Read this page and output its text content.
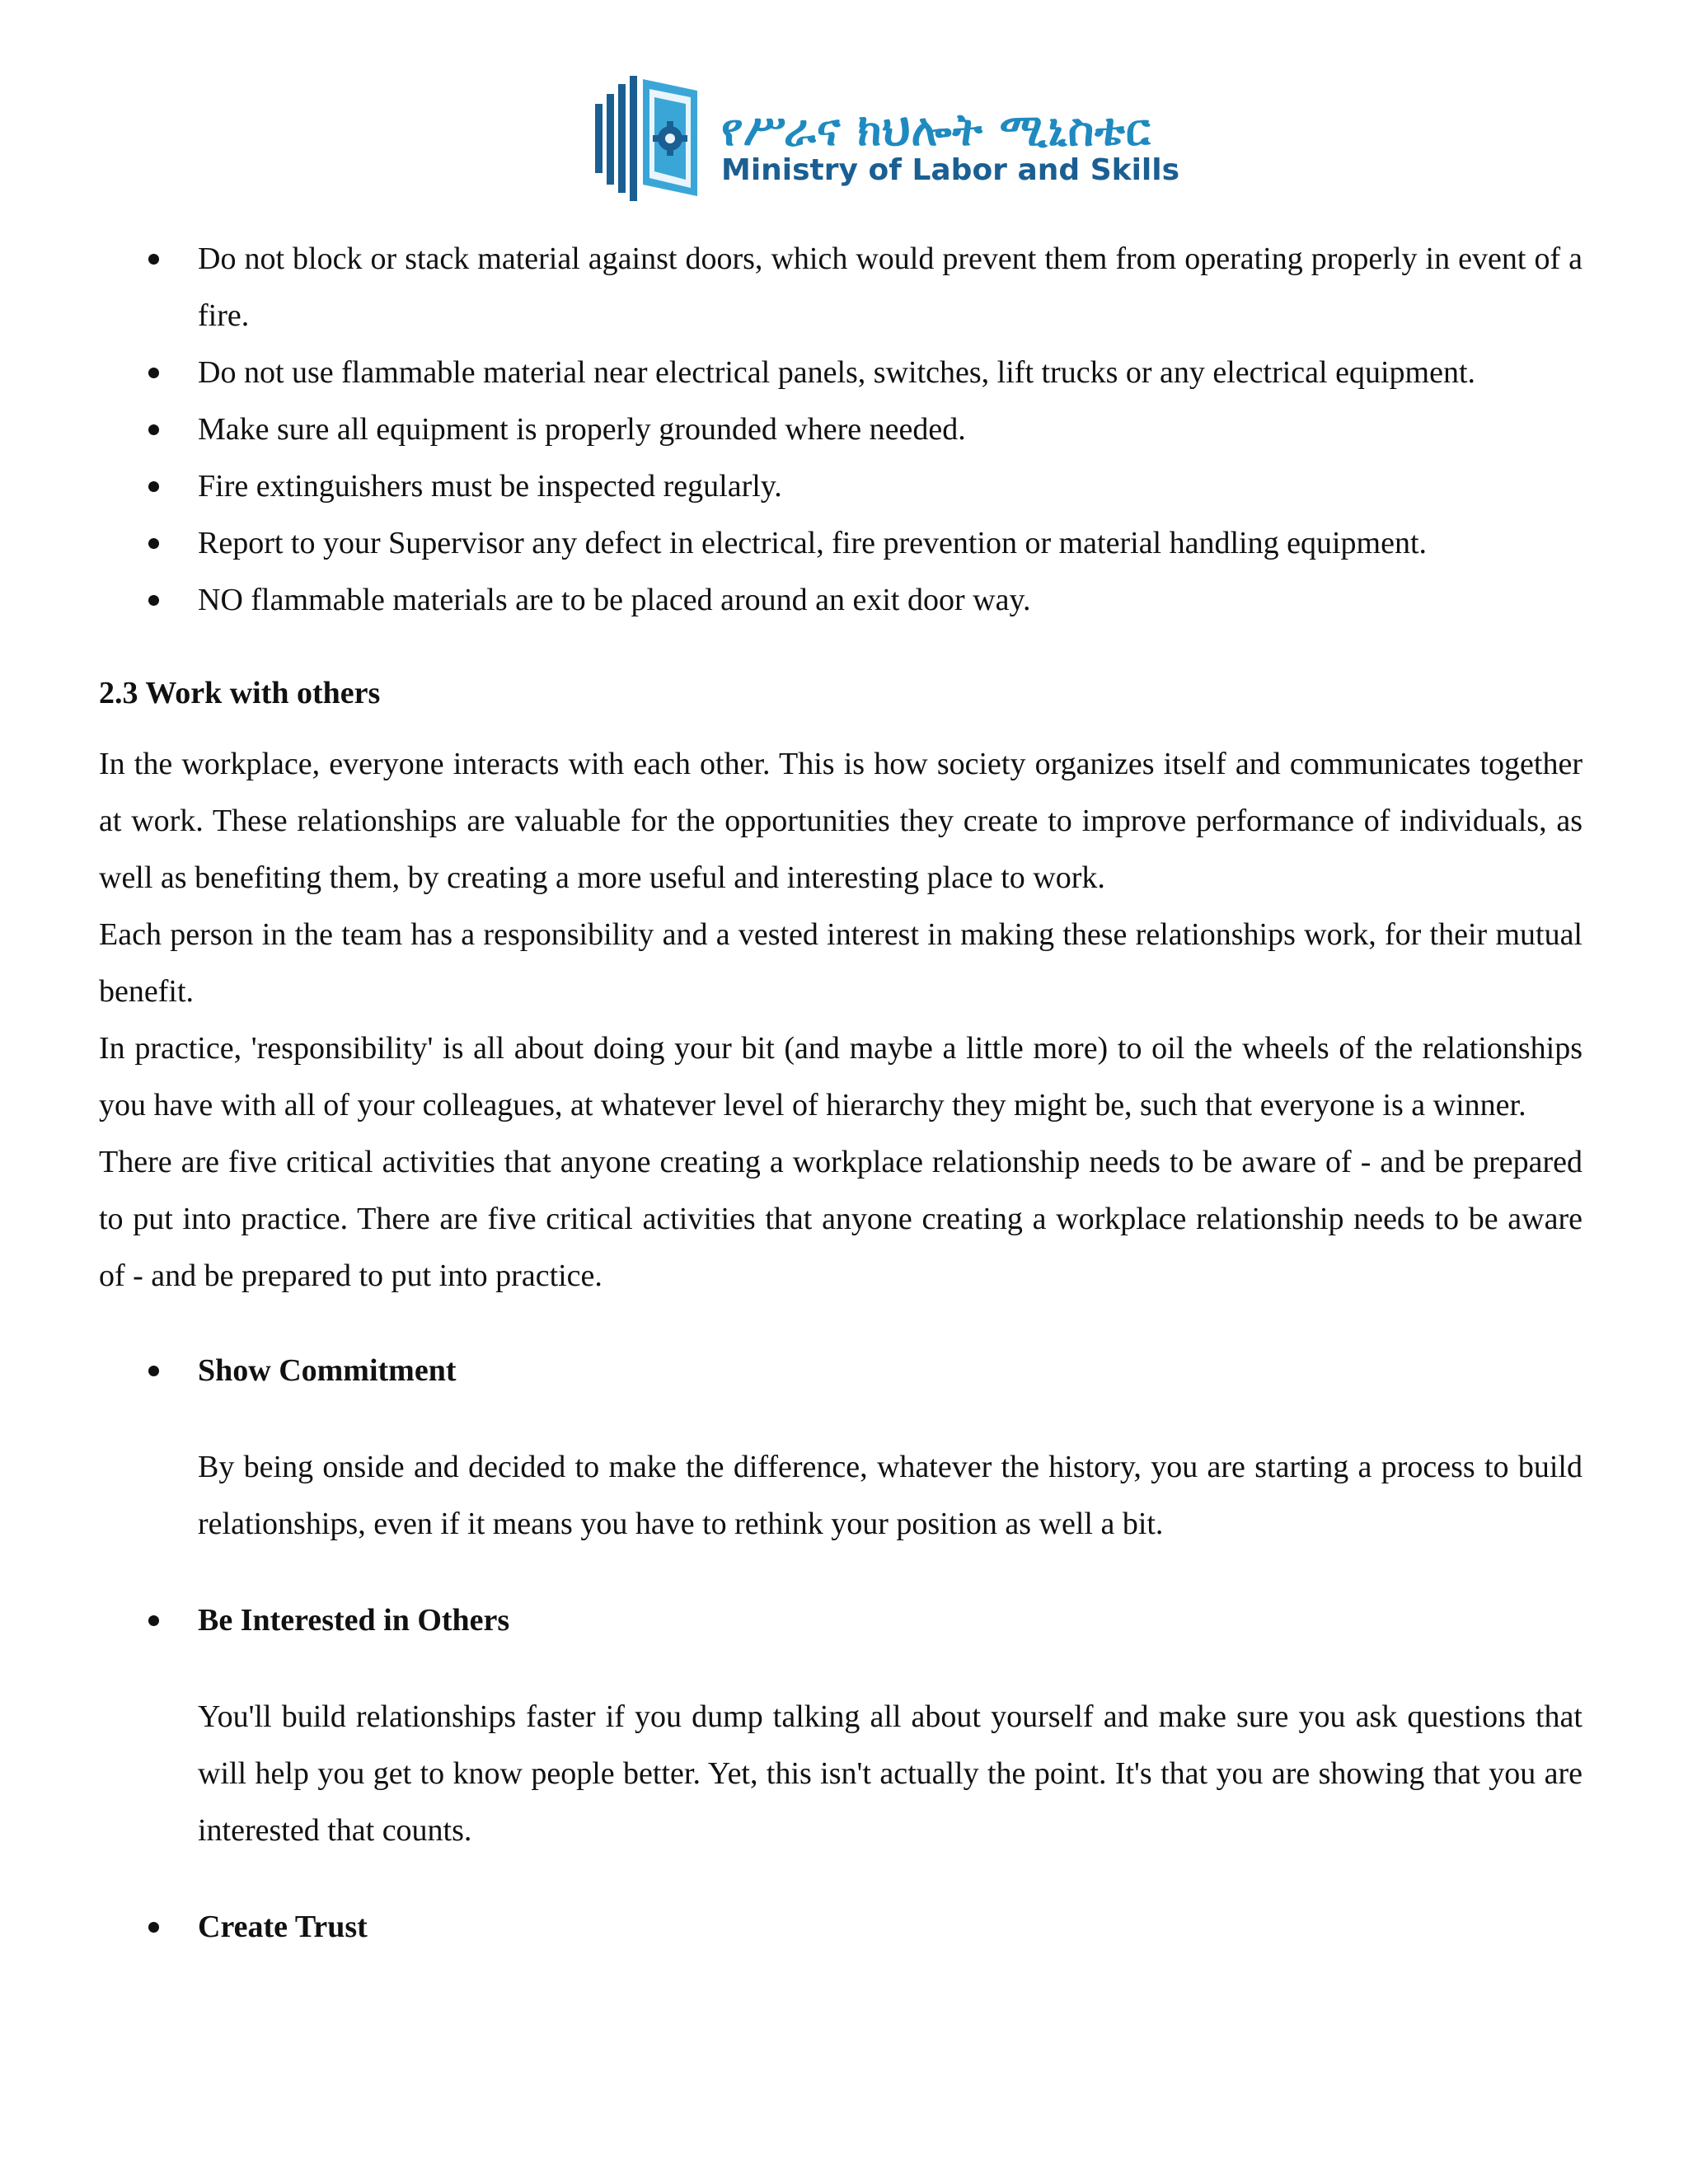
የሥራና ክህሎት ሚኒስቴር
Ministry of Labor and Skills
Do not block or stack material against doors, which would prevent them from operating properly in event of a fire.
Do not use flammable material near electrical panels, switches, lift trucks or any electrical equipment.
Make sure all equipment is properly grounded where needed.
Fire extinguishers must be inspected regularly.
Report to your Supervisor any defect in electrical, fire prevention or material handling equipment.
NO flammable materials are to be placed around an exit door way.
2.3 Work with others

In the workplace, everyone interacts with each other. This is how society organizes itself and communicates together at work. These relationships are valuable for the opportunities they create to improve performance of individuals, as well as benefiting them, by creating a more useful and interesting place to work.

Each person in the team has a responsibility and a vested interest in making these relationships work, for their mutual benefit.

In practice, 'responsibility' is all about doing your bit (and maybe a little more) to oil the wheels of the relationships you have with all of your colleagues, at whatever level of hierarchy they might be, such that everyone is a winner.

There are five critical activities that anyone creating a workplace relationship needs to be aware of - and be prepared to put into practice. There are five critical activities that anyone creating a workplace relationship needs to be aware of - and be prepared to put into practice.

Show Commitment
By being onside and decided to make the difference, whatever the history, you are starting a process to build relationships, even if it means you have to rethink your position as well a bit.
Be Interested in Others
You'll build relationships faster if you dump talking all about yourself and make sure you ask questions that will help you get to know people better. Yet, this isn't actually the point. It's that you are showing that you are interested that counts.
Create Trust
